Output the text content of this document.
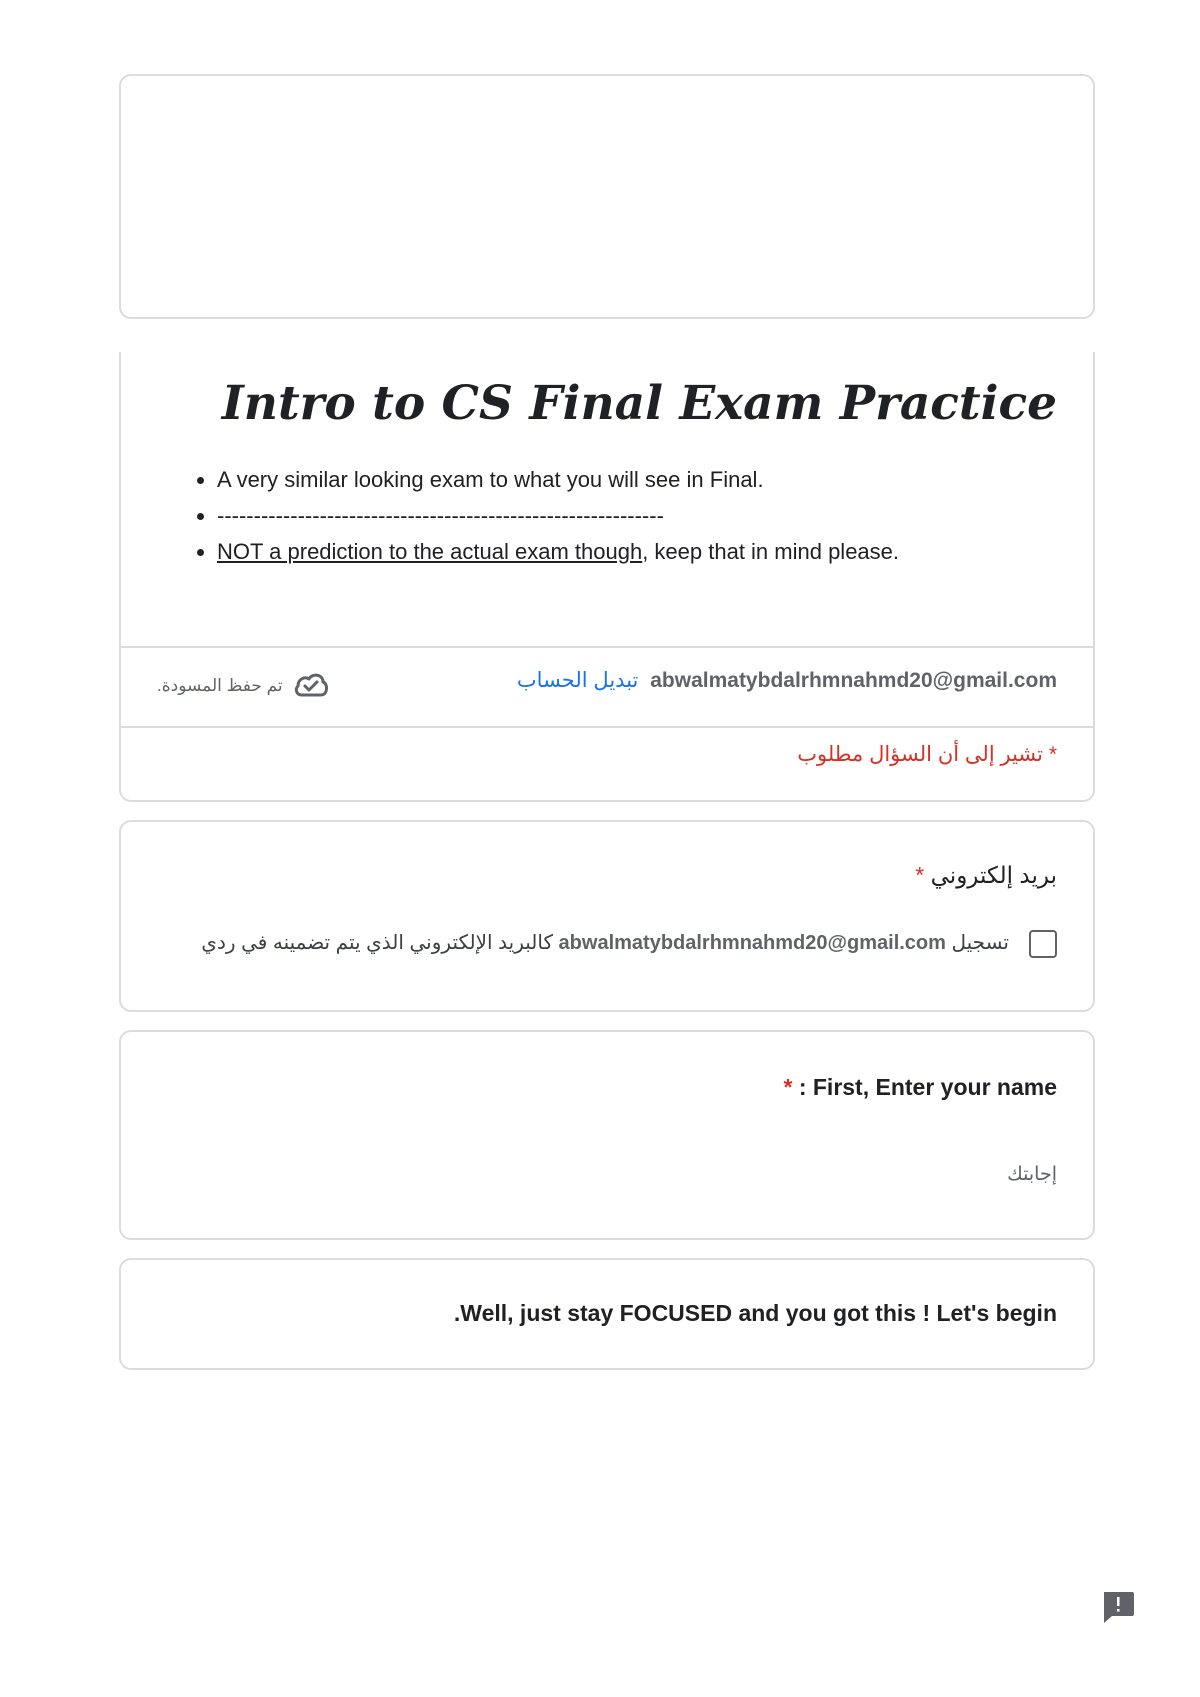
Intro to CS Final Exam Practice
• A very similar looking exam to what you will see in Final.
• -------------------------------------------------------------
• NOT a prediction to the actual exam though, keep that in mind please.
تبديل الحساب abwalmatybdalrhmnahmd20@gmail.com
تم حفظ المسودة.
* تشير إلى أن السؤال مطلوب
بريد إلكتروني *
تسجيل abwalmatybdalrhmnahmd20@gmail.com كالبريد الإلكتروني الذي يتم تضمينه في ردي
* : First, Enter your name
إجابتك
.Well, just stay FOCUSED and you got this ! Let's begin
